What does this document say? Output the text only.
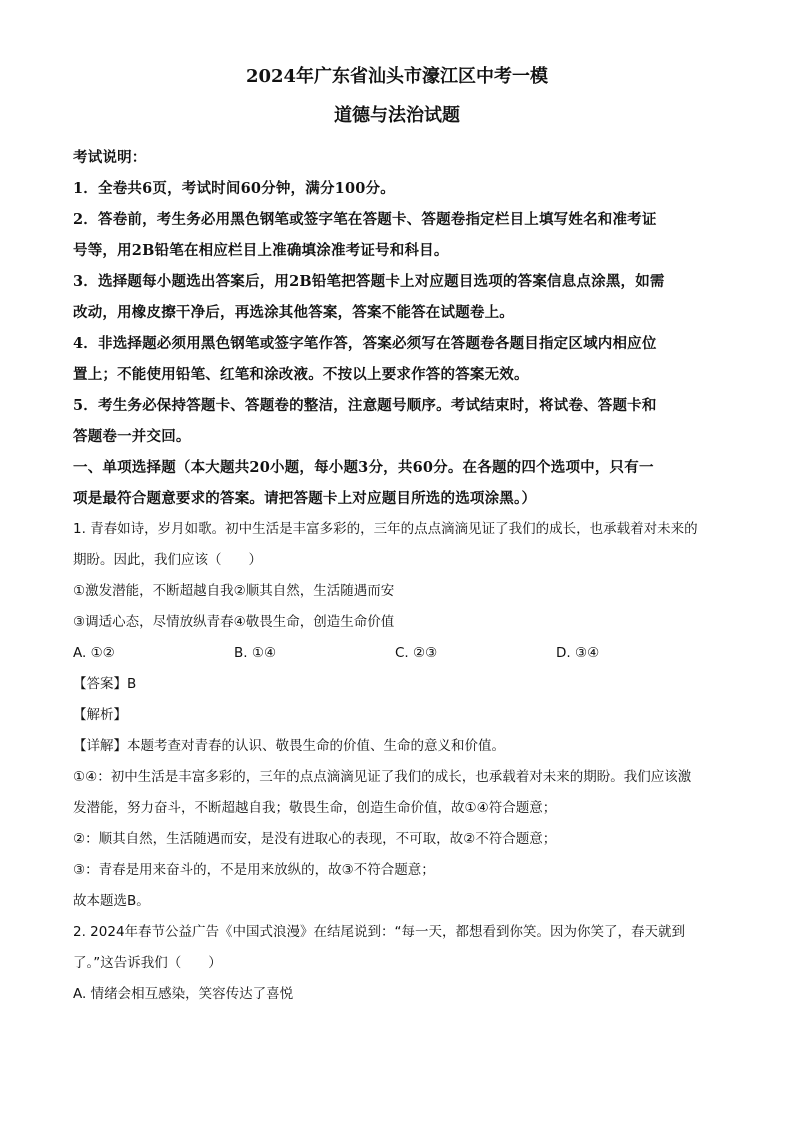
2024年广东省汕头市濠江区中考一模
道德与法治试题

考试说明：

1．全卷共6页，考试时间60分钟，满分100分。

2．答卷前，考生务必用黑色钢笔或签字笔在答题卡、答题卷指定栏目上填写姓名和准考证

号等，用2B铅笔在相应栏目上准确填涂准考证号和科目。

3．选择题每小题选出答案后，用2B铅笔把答题卡上对应题目选项的答案信息点涂黑，如需

改动，用橡皮擦干净后，再选涂其他答案，答案不能答在试题卷上。

4．非选择题必须用黑色钢笔或签字笔作答，答案必须写在答题卷各题目指定区域内相应位

置上；不能使用铅笔、红笔和涂改液。不按以上要求作答的答案无效。

5．考生务必保持答题卡、答题卷的整洁，注意题号顺序。考试结束时，将试卷、答题卡和

答题卷一并交回。

一、单项选择题（本大题共20小题，每小题3分，共60分。在各题的四个选项中，只有一

项是最符合题意要求的答案。请把答题卡上对应题目所选的选项涂黑。）

1. 青春如诗，岁月如歌。初中生活是丰富多彩的，三年的点点滴滴见证了我们的成长，也承载着对未来的

期盼。因此，我们应该（　　）

①激发潜能，不断超越自我②顺其自然，生活随遇而安

③调适心态，尽情放纵青春④敬畏生命，创造生命价值

A. ①②	B. ①④	C. ②③	D. ③④

【答案】B

【解析】

【详解】本题考查对青春的认识、敬畏生命的价值、生命的意义和价值。

①④：初中生活是丰富多彩的，三年的点点滴滴见证了我们的成长，也承载着对未来的期盼。我们应该激

发潜能，努力奋斗，不断超越自我；敬畏生命，创造生命价值，故①④符合题意；

②：顺其自然，生活随遇而安，是没有进取心的表现，不可取，故②不符合题意；

③：青春是用来奋斗的，不是用来放纵的，故③不符合题意；

故本题选B。

2. 2024年春节公益广告《中国式浪漫》在结尾说到：“每一天，都想看到你笑。因为你笑了，春天就到

了。”这告诉我们（　　）

A. 情绪会相互感染，笑容传达了喜悦
